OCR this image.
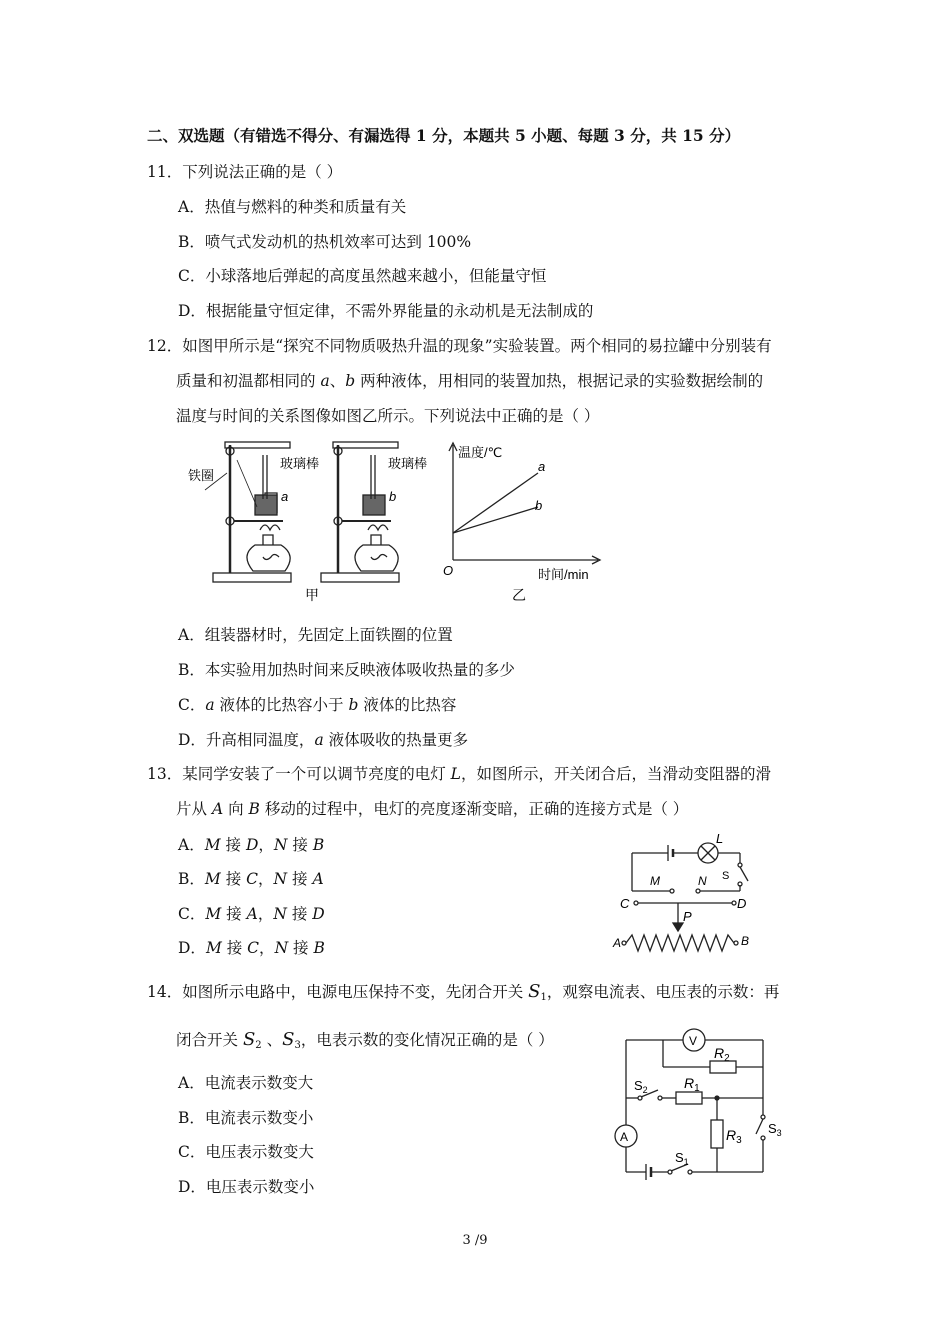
二、双选题（有错选不得分、有漏选得 1 分，本题共 5 小题、每题 3 分，共 15 分）
11．下列说法正确的是（ ）
A．热值与燃料的种类和质量有关
B．喷气式发动机的热机效率可达到 100%
C．小球落地后弹起的高度虽然越来越小，但能量守恒
D．根据能量守恒定律，不需外界能量的永动机是无法制成的
12．如图甲所示是“探究不同物质吸热升温的现象”实验装置。两个相同的易拉罐中分别装有
质量和初温都相同的 a、b 两种液体，用相同的装置加热，根据记录的实验数据绘制的
温度与时间的关系图像如图乙所示。下列说法中正确的是（ ）
铁圈
玻璃棒	玻璃棒
a	b
甲
温度/℃
时间/min
O
a
b
乙
A．组装器材时，先固定上面铁圈的位置
B．本实验用加热时间来反映液体吸收热量的多少
C．a 液体的比热容小于 b 液体的比热容
D．升高相同温度，a 液体吸收的热量更多
13．某同学安装了一个可以调节亮度的电灯 L，如图所示，开关闭合后，当滑动变阻器的滑
片从 A 向 B 移动的过程中，电灯的亮度逐渐变暗，正确的连接方式是（ ）
A．M 接 D，N 接 B
B．M 接 C，N 接 A
C．M 接 A，N 接 D
D．M 接 C，N 接 B
L
M	N S
C	D
P
A	B
14．如图所示电路中，电源电压保持不变，先闭合开关 $S_1$，观察电流表、电压表的示数：再
闭合开关 $S_2$ 、$S_3$，电表示数的变化情况正确的是（ ）
A．电流表示数变大
B．电流表示数变小
C．电压表示数变大
D．电压表示数变小
V
A
$R_2$
$R_1$
$R_3$
$S_2$
$S_3$
$S_1$
3 /9
